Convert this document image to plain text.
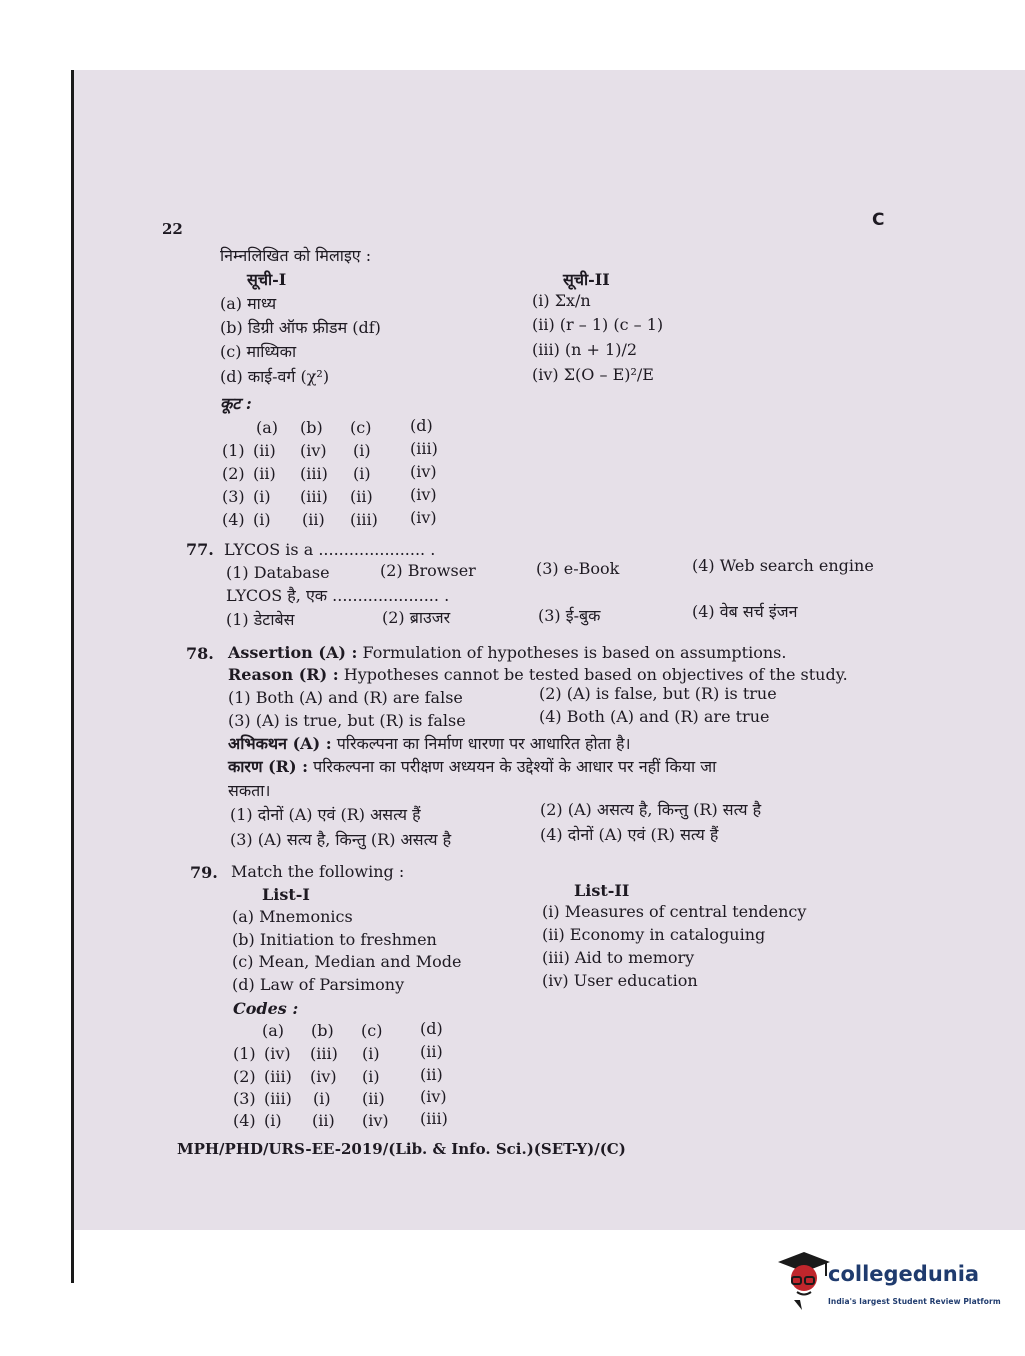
22	C
निम्नलिखित को मिलाइए :
सूची-I	सूची-II
(a) माध्य
(b) डिग्री ऑफ फ्रीडम (df)
(c) माध्यिका
(d) काई-वर्ग (χ²)
(i) Σx/n
(ii) (r – 1) (c – 1)
(iii) (n + 1)/2
(iv) Σ(O – E)²/E
कूट :
(a) (b) (c) (d)
(1) (ii) (iv) (i) (iii)
(2) (ii) (iii) (i) (iv)
(3) (i) (iii) (ii) (iv)
(4) (i) (ii) (iii) (iv)
77. LYCOS is a ..................... .
(1) Database	(2) Browser	(3) e-Book	(4) Web search engine
LYCOS है, एक ..................... .
(1) डेटाबेस	(2) ब्राउजर	(3) ई-बुक	(4) वेब सर्च इंजन
78. Assertion (A) : Formulation of hypotheses is based on assumptions.
Reason (R) : Hypotheses cannot be tested based on objectives of the study.
(1) Both (A) and (R) are false	(2) (A) is false, but (R) is true
(3) (A) is true, but (R) is false	(4) Both (A) and (R) are true
अभिकथन (A) : परिकल्पना का निर्माण धारणा पर आधारित होता है।
कारण (R) : परिकल्पना का परीक्षण अध्ययन के उद्देश्यों के आधार पर नहीं किया जा
सकता।
(1) दोनों (A) एवं (R) असत्य हैं	(2) (A) असत्य है, किन्तु (R) सत्य है
(3) (A) सत्य है, किन्तु (R) असत्य है	(4) दोनों (A) एवं (R) सत्य हैं
79. Match the following :
List-I	List-II
(a) Mnemonics
(b) Initiation to freshmen
(c) Mean, Median and Mode
(d) Law of Parsimony
(i) Measures of central tendency
(ii) Economy in cataloguing
(iii) Aid to memory
(iv) User education
Codes :
(a) (b) (c) (d)
(1) (iv) (iii) (i)	(ii)
(2) (iii) (iv) (i)	(ii)
(3) (iii) (i) (ii) (iv)
(4) (i) (ii) (iv) (iii)
MPH/PHD/URS-EE-2019/(Lib. & Info. Sci.)(SET-Y)/(C)
collegedunia
India's largest Student Review Platform
